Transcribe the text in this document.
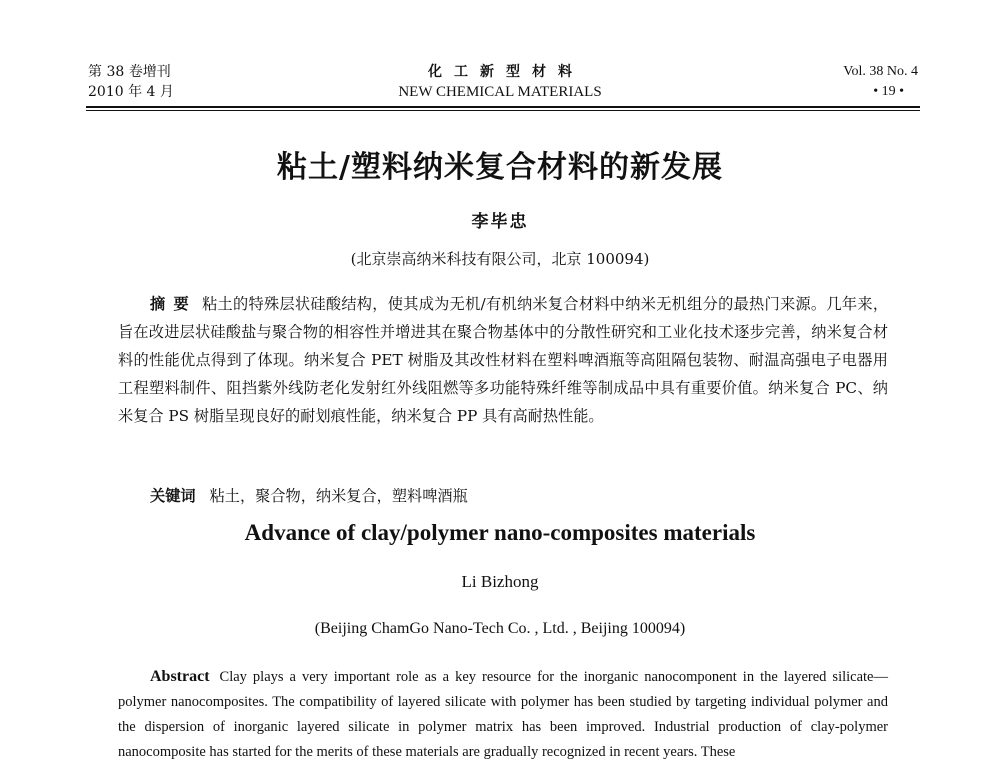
第 38 卷增刊
2010 年 4 月
化工新型材料
NEW CHEMICAL MATERIALS
Vol. 38 No. 4
• 19 •
粘土/塑料纳米复合材料的新发展
李毕忠
(北京崇高纳米科技有限公司，北京 100094)

摘要 粘土的特殊层状硅酸结构，使其成为无机/有机纳米复合材料中纳米无机组分的最热门来源。几年来，旨在改进层状硅酸盐与聚合物的相容性并增进其在聚合物基体中的分散性研究和工业化技术逐步完善，纳米复合材料的性能优点得到了体现。纳米复合 PET 树脂及其改性材料在塑料啤酒瓶等高阻隔包装物、耐温高强电子电器用工程塑料制件、阻挡紫外线防老化发射红外线阻燃等多功能特殊纤维等制成品中具有重要价值。纳米复合 PC、纳米复合 PS 树脂呈现良好的耐划痕性能，纳米复合 PP 具有高耐热性能。

关键词 粘土，聚合物，纳米复合，塑料啤酒瓶
Advance of clay/polymer nano-composites materials
Li Bizhong
(Beijing ChamGo Nano-Tech Co. , Ltd. , Beijing 100094)

Abstract Clay plays a very important role as a key resource for the inorganic nanocomponent in the layered silicate—polymer nanocomposites. The compatibility of layered silicate with polymer has been studied by targeting individual polymer and the dispersion of inorganic layered silicate in polymer matrix has been improved. Industrial production of clay-polymer nanocomposite has started for the merits of these materials are gradually recognized in recent years. These
